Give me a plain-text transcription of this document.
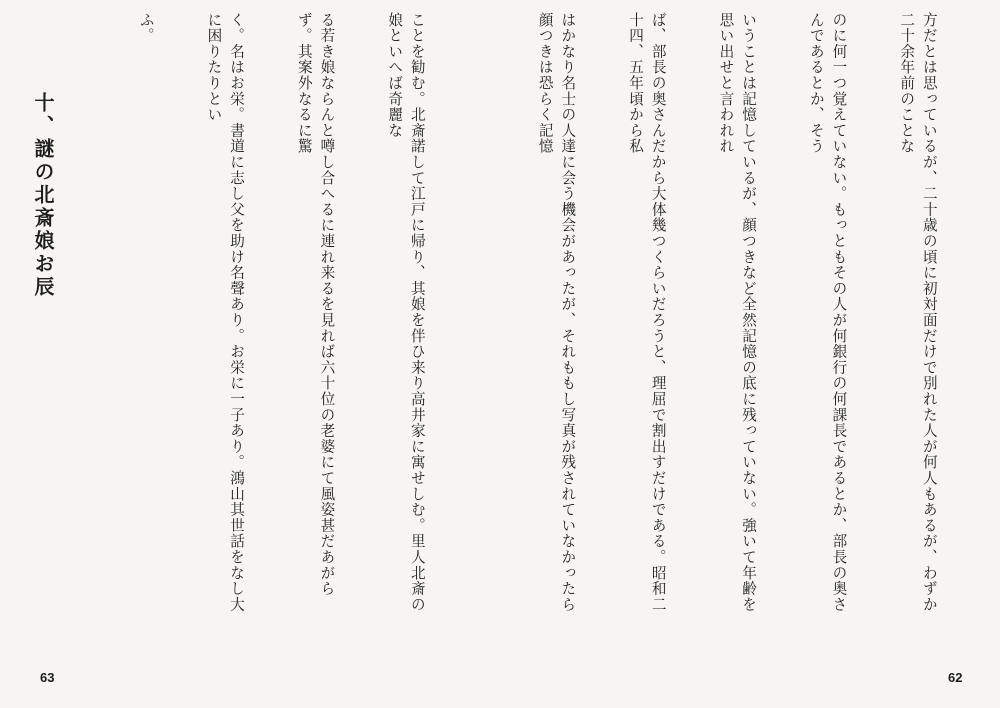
ことを勧む。北斎諾して江戸に帰り、其娘を伴ひ来り高井家に寓せしむ。里人北斎の娘といへば奇麗な

る若き娘ならんと噂し合へるに連れ来るを見れば六十位の老婆にて風姿甚だあがらず。其案外なるに驚

く。名はお栄。書道に志し父を助け名聲あり。お栄に一子あり。鴻山其世話をなし大に困りたりとい

ふ。

十、謎の北斎娘お辰
63

方だとは思っているが、二十歳の頃に初対面だけで別れた人が何人もあるが、わずか二十余年前のことな

のに何一つ覚えていない。もっともその人が何銀行の何課長であるとか、部長の奥さんであるとか、そう

いうことは記憶しているが、顔つきなど全然記憶の底に残っていない。強いて年齢を思い出せと言われれ

ば、部長の奥さんだから大体幾つくらいだろうと、理屈で割出すだけである。昭和二十四、五年頃から私

はかなり名士の人達に会う機会があったが、それももし写真が残されていなかったら顔つきは恐らく記憶

62
